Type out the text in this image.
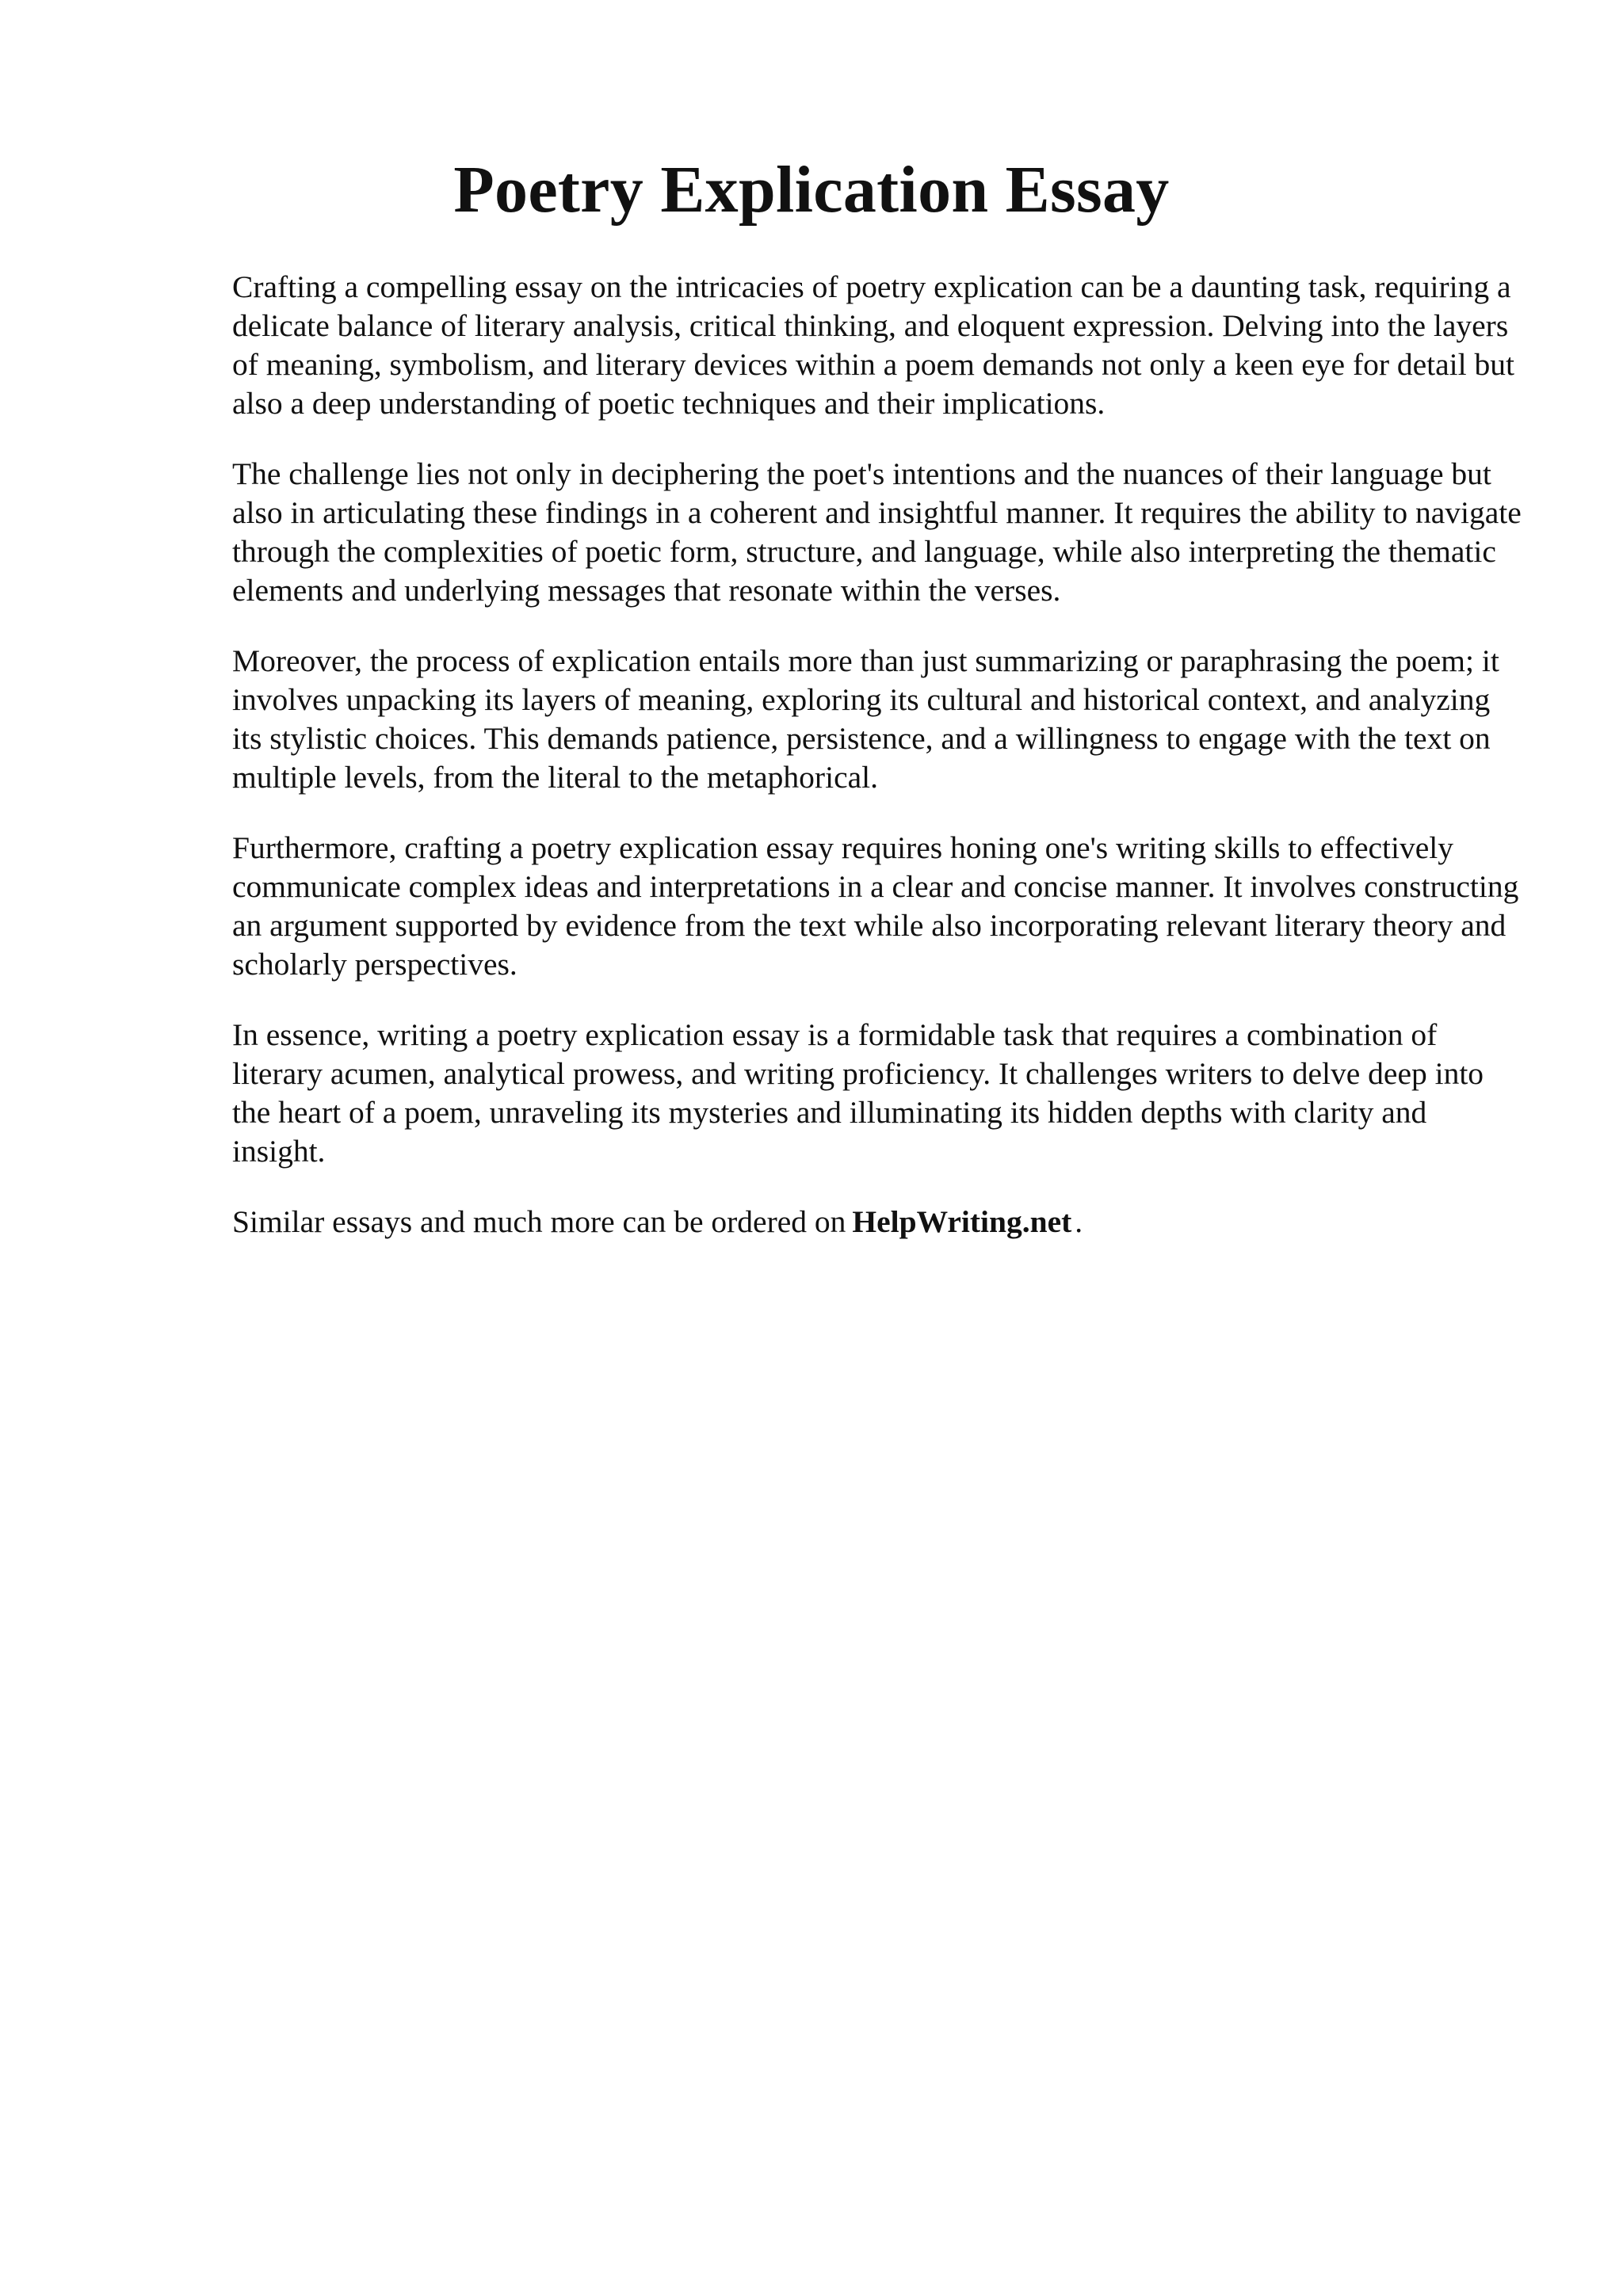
Poetry Explication Essay

Crafting a compelling essay on the intricacies of poetry explication can be a daunting task, requiring a delicate balance of literary analysis, critical thinking, and eloquent expression. Delving into the layers of meaning, symbolism, and literary devices within a poem demands not only a keen eye for detail but also a deep understanding of poetic techniques and their implications.

The challenge lies not only in deciphering the poet's intentions and the nuances of their language but also in articulating these findings in a coherent and insightful manner. It requires the ability to navigate through the complexities of poetic form, structure, and language, while also interpreting the thematic elements and underlying messages that resonate within the verses.

Moreover, the process of explication entails more than just summarizing or paraphrasing the poem; it involves unpacking its layers of meaning, exploring its cultural and historical context, and analyzing its stylistic choices. This demands patience, persistence, and a willingness to engage with the text on multiple levels, from the literal to the metaphorical.

Furthermore, crafting a poetry explication essay requires honing one's writing skills to effectively communicate complex ideas and interpretations in a clear and concise manner. It involves constructing an argument supported by evidence from the text while also incorporating relevant literary theory and scholarly perspectives.

In essence, writing a poetry explication essay is a formidable task that requires a combination of literary acumen, analytical prowess, and writing proficiency. It challenges writers to delve deep into the heart of a poem, unraveling its mysteries and illuminating its hidden depths with clarity and insight.

Similar essays and much more can be ordered on HelpWriting.net .
